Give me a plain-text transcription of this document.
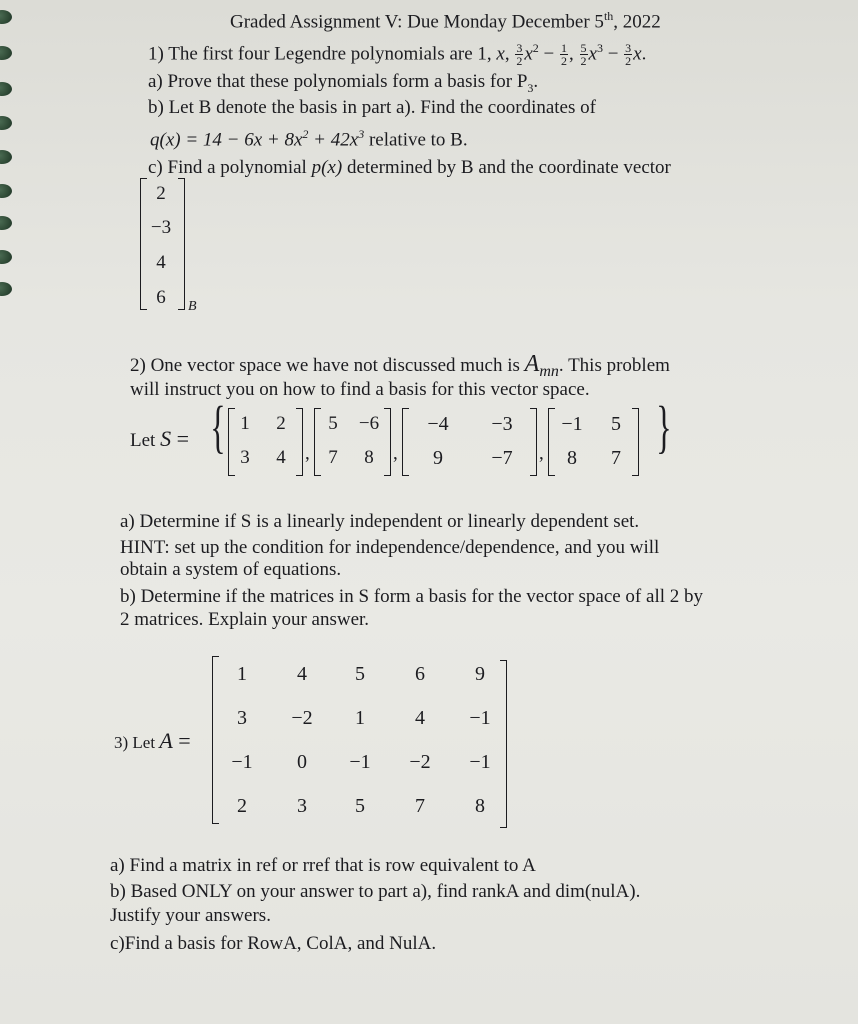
Graded Assignment V: Due Monday December 5th, 2022
1) The first four Legendre polynomials are 1, x, $\frac{3}{2} x^2 - \frac{1}{2}$ , $\frac{5}{2} x^3 - \frac{3}{2} x$.
a) Prove that these polynomials form a basis for $P_3$.
b) Let B denote the basis in part a). Find the coordinates of
$q(x) = 14 - 6x + 8x^2 + 42x^3$ relative to B.
c) Find a polynomial p(x) determined by B and the coordinate vector
2
−3
4
6	B
2) One vector space we have not discussed much is $A_{mn}$. This problem
will instruct you on how to find a basis for this vector space.
Let S = {	}
1	2
3	4	,
5	−6
7	8	,
−4	−3
9	−7	,
−1	5
8	7
a) Determine if S is a linearly independent or linearly dependent set.
HINT: set up the condition for independence/dependence, and you will
obtain a system of equations.
b) Determine if the matrices in S form a basis for the vector space of all 2 by
2 matrices. Explain your answer.
3) Let A =
1	4	5	6	9
3	−2	1	4	−1
−1	0	−1	−2	−1
2	3	5	7	8
a) Find a matrix in ref or rref that is row equivalent to A
b) Based ONLY on your answer to part a), find rankA and dim(nulA).
Justify your answers.
c)Find a basis for RowA, ColA, and NulA.
